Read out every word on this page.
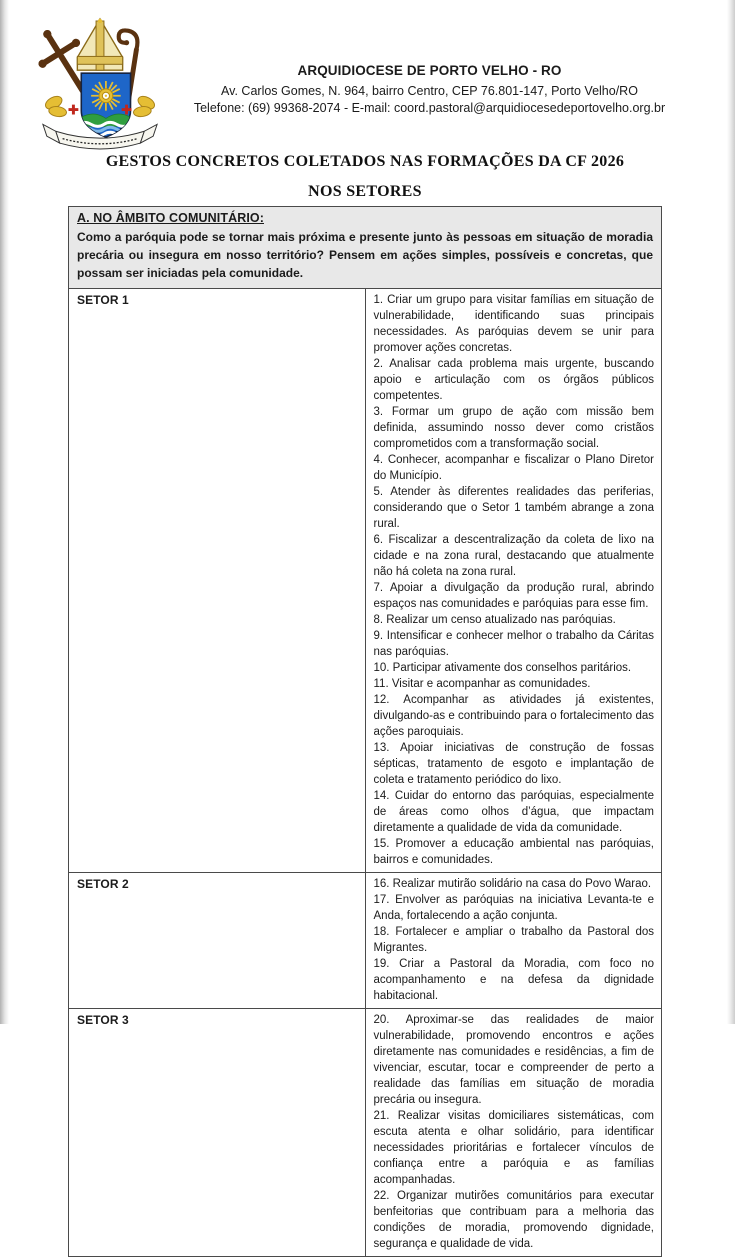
ARQUIDIOCESE DE PORTO VELHO - RO
Av. Carlos Gomes, N. 964, bairro Centro, CEP 76.801-147, Porto Velho/RO
Telefone: (69) 99368-2074 - E-mail: coord.pastoral@arquidiocesedeportovelho.org.br
GESTOS CONCRETOS COLETADOS NAS FORMAÇÕES DA CF 2026
NOS SETORES
A. NO ÂMBITO COMUNITÁRIO:
Como a paróquia pode se tornar mais próxima e presente junto às pessoas em situação de moradia precária ou insegura em nosso território? Pensem em ações simples, possíveis e concretas, que possam ser iniciadas pela comunidade.	

SETOR 1	1. Criar um grupo para visitar famílias em situação de vulnerabilidade, identificando suas principais necessidades. As paróquias devem se unir para promover ações concretas.

2. Analisar cada problema mais urgente, buscando apoio e articulação com os órgãos públicos competentes.

3. Formar um grupo de ação com missão bem definida, assumindo nosso dever como cristãos comprometidos com a transformação social.

4. Conhecer, acompanhar e fiscalizar o Plano Diretor do Município.

5. Atender às diferentes realidades das periferias, considerando que o Setor 1 também abrange a zona rural.

6. Fiscalizar a descentralização da coleta de lixo na cidade e na zona rural, destacando que atualmente não há coleta na zona rural.

7. Apoiar a divulgação da produção rural, abrindo espaços nas comunidades e paróquias para esse fim.

8. Realizar um censo atualizado nas paróquias.

9. Intensificar e conhecer melhor o trabalho da Cáritas nas paróquias.

10. Participar ativamente dos conselhos paritários.

11. Visitar e acompanhar as comunidades.

12. Acompanhar as atividades já existentes, divulgando-as e contribuindo para o fortalecimento das ações paroquiais.

13. Apoiar iniciativas de construção de fossas sépticas, tratamento de esgoto e implantação de coleta e tratamento periódico do lixo.

14. Cuidar do entorno das paróquias, especialmente de áreas como olhos d’água, que impactam diretamente a qualidade de vida da comunidade.

15. Promover a educação ambiental nas paróquias, bairros e comunidades.

SETOR 2	16. Realizar mutirão solidário na casa do Povo Warao.

17. Envolver as paróquias na iniciativa Levanta-te e Anda, fortalecendo a ação conjunta.

18. Fortalecer e ampliar o trabalho da Pastoral dos Migrantes.

19. Criar a Pastoral da Moradia, com foco no acompanhamento e na defesa da dignidade habitacional.

SETOR 3	20. Aproximar-se das realidades de maior vulnerabilidade, promovendo encontros e ações diretamente nas comunidades e residências, a fim de vivenciar, escutar, tocar e compreender de perto a realidade das famílias em situação de moradia precária ou insegura.

21. Realizar visitas domiciliares sistemáticas, com escuta atenta e olhar solidário, para identificar necessidades prioritárias e fortalecer vínculos de confiança entre a paróquia e as famílias acompanhadas.

22. Organizar mutirões comunitários para executar benfeitorias que contribuam para a melhoria das condições de moradia, promovendo dignidade, segurança e qualidade de vida.
